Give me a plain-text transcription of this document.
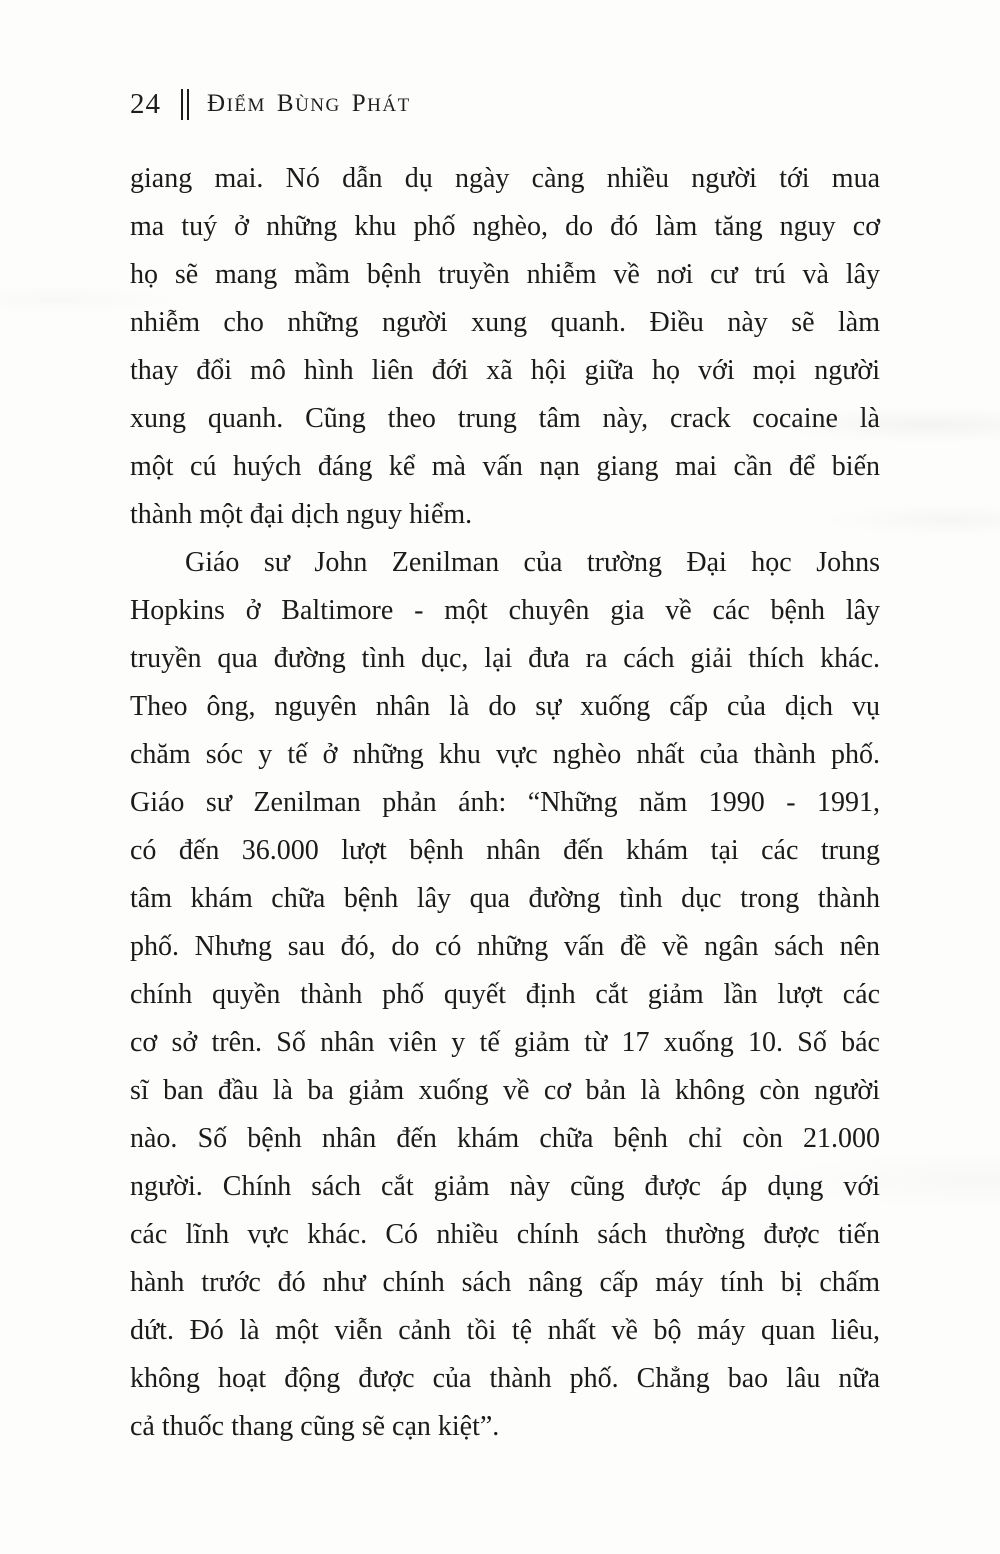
24 ĐIỂM BÙNG PHÁT
giang mai. Nó dẫn dụ ngày càng nhiều người tới mua
ma tuý ở những khu phố nghèo, do đó làm tăng nguy cơ
họ sẽ mang mầm bệnh truyền nhiễm về nơi cư trú và lây
nhiễm cho những người xung quanh. Điều này sẽ làm
thay đổi mô hình liên đới xã hội giữa họ với mọi người
xung quanh. Cũng theo trung tâm này, crack cocaine là
một cú huých đáng kể mà vấn nạn giang mai cần để biến
thành một đại dịch nguy hiểm.
Giáo sư John Zenilman của trường Đại học Johns
Hopkins ở Baltimore - một chuyên gia về các bệnh lây
truyền qua đường tình dục, lại đưa ra cách giải thích khác.
Theo ông, nguyên nhân là do sự xuống cấp của dịch vụ
chăm sóc y tế ở những khu vực nghèo nhất của thành phố.
Giáo sư Zenilman phản ánh: “Những năm 1990 - 1991,
có đến 36.000 lượt bệnh nhân đến khám tại các trung
tâm khám chữa bệnh lây qua đường tình dục trong thành
phố. Nhưng sau đó, do có những vấn đề về ngân sách nên
chính quyền thành phố quyết định cắt giảm lần lượt các
cơ sở trên. Số nhân viên y tế giảm từ 17 xuống 10. Số bác
sĩ ban đầu là ba giảm xuống về cơ bản là không còn người
nào. Số bệnh nhân đến khám chữa bệnh chỉ còn 21.000
người. Chính sách cắt giảm này cũng được áp dụng với
các lĩnh vực khác. Có nhiều chính sách thường được tiến
hành trước đó như chính sách nâng cấp máy tính bị chấm
dứt. Đó là một viễn cảnh tồi tệ nhất về bộ máy quan liêu,
không hoạt động được của thành phố. Chẳng bao lâu nữa
cả thuốc thang cũng sẽ cạn kiệt”.
